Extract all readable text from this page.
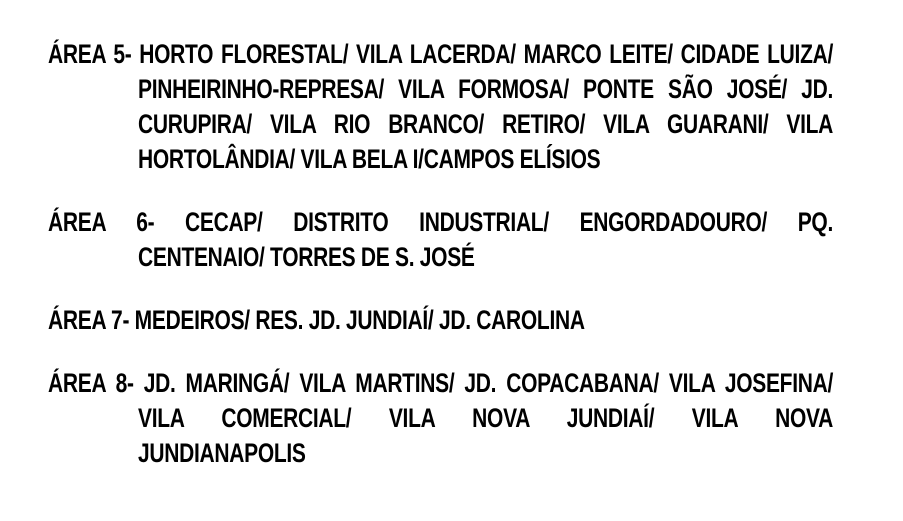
ÁREA 5- HORTO FLORESTAL/ VILA LACERDA/ MARCO LEITE/ CIDADE LUIZA/
PINHEIRINHO-REPRESA/ VILA FORMOSA/ PONTE SÃO JOSÉ/ JD.
CURUPIRA/ VILA RIO BRANCO/ RETIRO/ VILA GUARANI/ VILA
HORTOLÂNDIA/ VILA BELA I/CAMPOS ELÍSIOS
ÁREA 6- CECAP/ DISTRITO INDUSTRIAL/ ENGORDADOURO/ PQ.
CENTENAIO/ TORRES DE S. JOSÉ
ÁREA 7- MEDEIROS/ RES. JD. JUNDIAÍ/ JD. CAROLINA
ÁREA 8- JD. MARINGÁ/ VILA MARTINS/ JD. COPACABANA/ VILA JOSEFINA/
VILA COMERCIAL/ VILA NOVA JUNDIAÍ/ VILA NOVA
JUNDIANAPOLIS
